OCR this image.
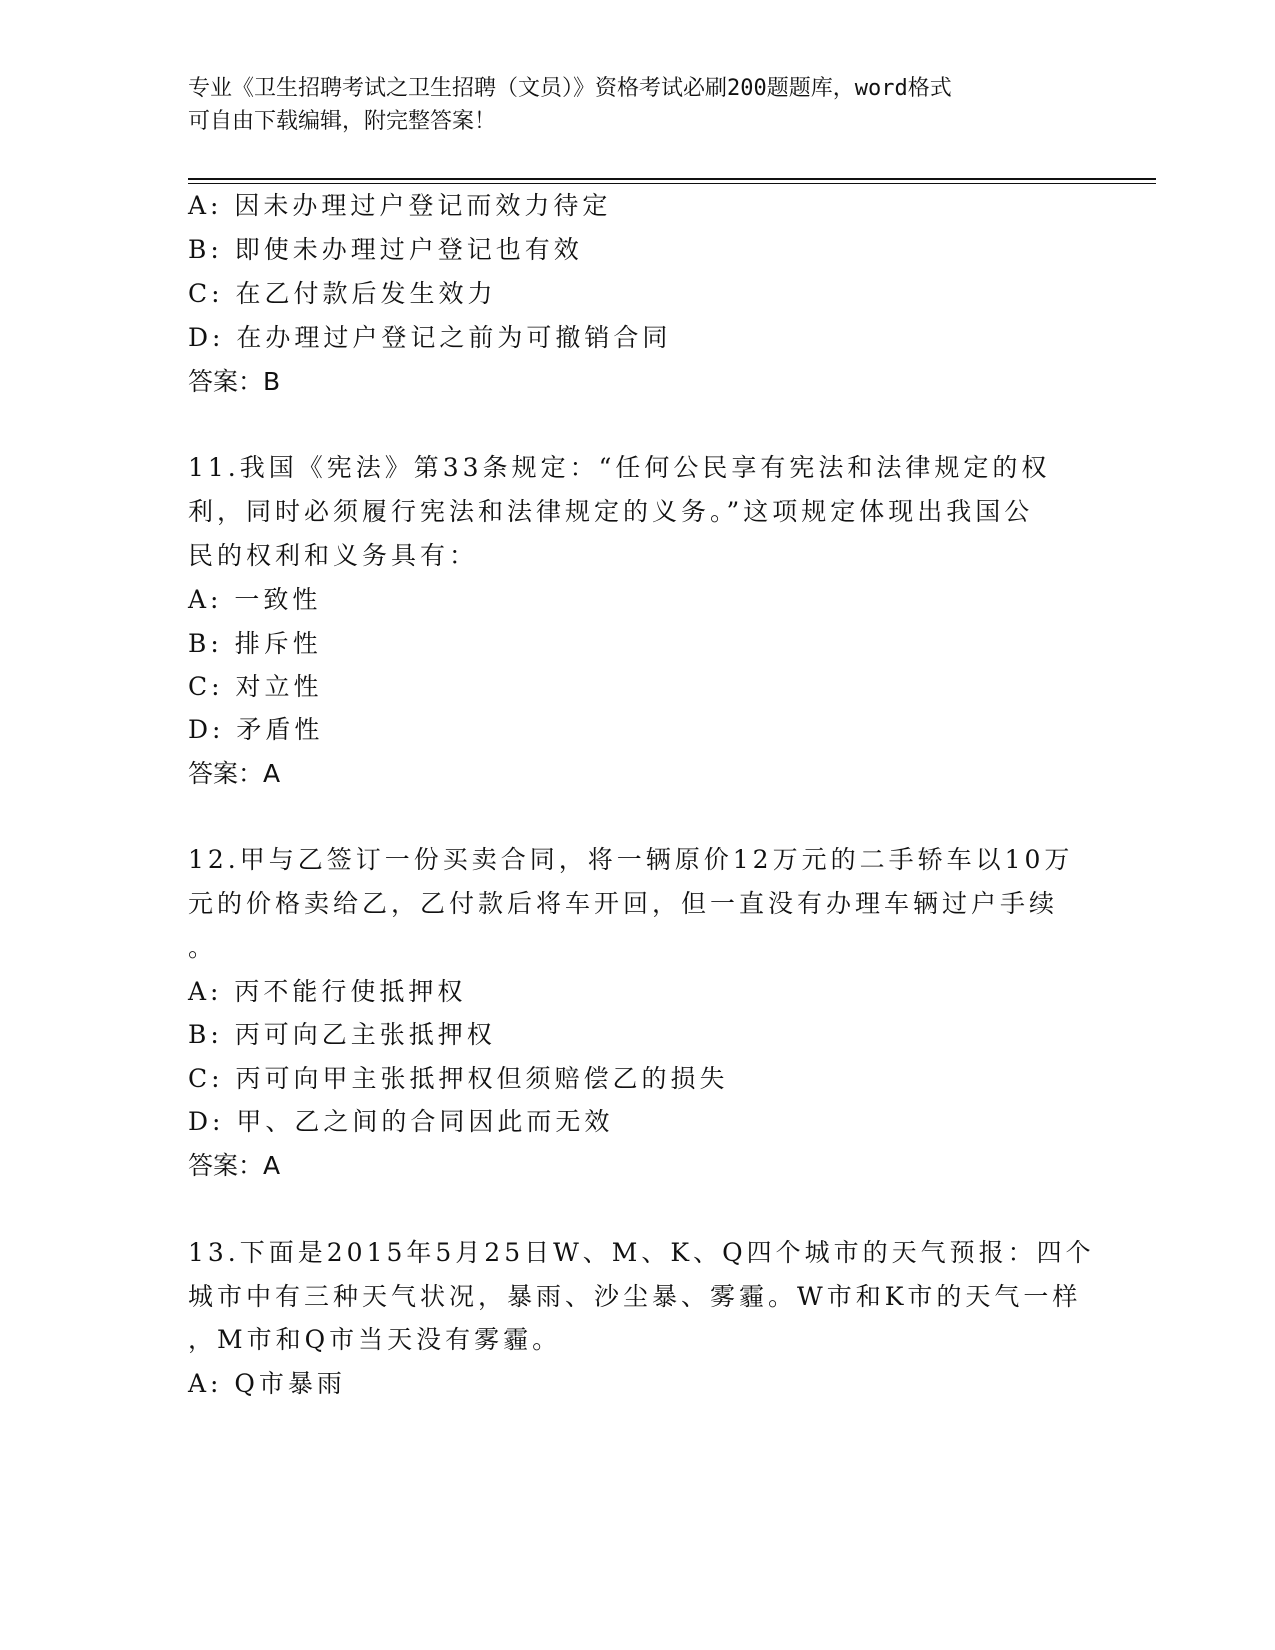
专业《卫生招聘考试之卫生招聘（文员）》资格考试必刷200题题库，word格式
可自由下载编辑，附完整答案！
A: 因未办理过户登记而效力待定
B: 即使未办理过户登记也有效
C: 在乙付款后发生效力
D: 在办理过户登记之前为可撤销合同
答案：B
11.我国《宪法》第33条规定：“任何公民享有宪法和法律规定的权
利，同时必须履行宪法和法律规定的义务。”这项规定体现出我国公
民的权利和义务具有：
A: 一致性
B: 排斥性
C: 对立性
D: 矛盾性
答案：A
12.甲与乙签订一份买卖合同，将一辆原价12万元的二手轿车以10万
元的价格卖给乙，乙付款后将车开回，但一直没有办理车辆过户手续
。
A: 丙不能行使抵押权
B: 丙可向乙主张抵押权
C: 丙可向甲主张抵押权但须赔偿乙的损失
D: 甲、乙之间的合同因此而无效
答案：A
13.下面是2015年5月25日W、M、K、Q四个城市的天气预报：四个
城市中有三种天气状况，暴雨、沙尘暴、雾霾。W市和K市的天气一样
，M市和Q市当天没有雾霾。
A: Q市暴雨
